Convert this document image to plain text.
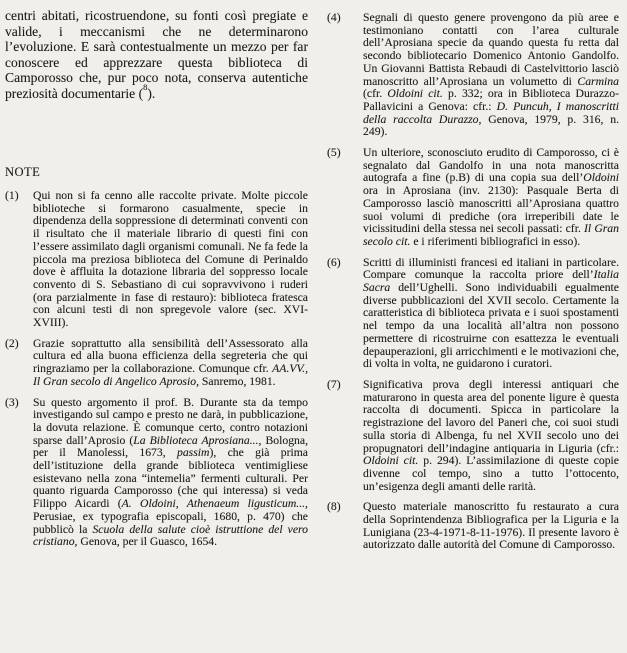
centri abitati, ricostruendone, su fonti così pregiate e valide, i meccanismi che ne determinarono l’evoluzione. E sarà contestualmente un mezzo per far conoscere ed apprezzare questa biblioteca di Camporosso che, pur poco nota, conserva autentiche preziosità documentarie ($^8$).

NOTE
(1)	Qui non si fa cenno alle raccolte private. Molte piccole biblioteche si formarono casualmente, specie in dipendenza della soppressione di determinati conventi con il risultato che il materiale librario di questi fini con l’essere assimilato dagli organismi comunali. Ne fa fede la piccola ma preziosa biblioteca del Comune di Perinaldo dove è affluita la dotazione libraria del soppresso locale convento di S. Sebastiano di cui sopravvivono i ruderi (ora parzialmente in fase di restauro): biblioteca fratesca con alcuni testi di non spregevole valore (sec. XVI-XVIII).
(2)	Grazie soprattutto alla sensibilità dell’Assessorato alla cultura ed alla buona efficienza della segreteria che qui ringraziamo per la collaborazione. Comunque cfr. AA.VV., Il Gran secolo di Angelico Aprosio, Sanremo, 1981.
(3)	Su questo argomento il prof. B. Durante sta da tempo investigando sul campo e presto ne darà, in pubblicazione, la dovuta relazione. È comunque certo, contro notazioni sparse dall’Aprosio (La Biblioteca Aprosiana..., Bologna, per il Manolessi, 1673, passim), che già prima dell’istituzione della grande biblioteca ventimigliese esistevano nella zona “intemelia” fermenti culturali. Per quanto riguarda Camporosso (che qui interessa) si veda Filippo Aicardi (A. Oldoini, Athenaeum ligusticum..., Perusiae, ex typografia episcopali, 1680, p. 470) che pubblicò la Scuola della salute cioè istruttione del vero cristiano, Genova, per il Guasco, 1654.
(4)	Segnali di questo genere provengono da più aree e testimoniano contatti con l’area culturale dell’Aprosiana specie da quando questa fu retta dal secondo bibliotecario Domenico Antonio Gandolfo. Un Giovanni Battista Rebaudi di Castelvittorio lasciò manoscritto all’Aprosiana un volumetto di Carmina (cfr. Oldoini cit. p. 332; ora in Biblioteca Durazzo-Pallavicini a Genova: cfr.: D. Puncuh, I manoscritti della raccolta Durazzo, Genova, 1979, p. 316, n. 249).
(5)	Un ulteriore, sconosciuto erudito di Camporosso, ci è segnalato dal Gandolfo in una nota manoscritta autografa a fine (p.B) di una copia sua dell’Oldoini ora in Aprosiana (inv. 2130): Pasquale Berta di Camporosso lasciò manoscritti all’Aprosiana quattro suoi volumi di prediche (ora irreperibili date le vicissitudini della stessa nei secoli passati: cfr. Il Gran secolo cit. e i riferimenti bibliografici in esso).
(6)	Scritti di illuministi francesi ed italiani in particolare. Compare comunque la raccolta priore dell’Italia Sacra dell’Ughelli. Sono individuabili egualmente diverse pubblicazioni del XVII secolo. Certamente la caratteristica di biblioteca privata e i suoi spostamenti nel tempo da una località all’altra non possono permettere di ricostruirne con esattezza le eventuali depauperazioni, gli arricchimenti e le motivazioni che, di volta in volta, ne guidarono i curatori.
(7)	Significativa prova degli interessi antiquari che maturarono in questa area del ponente ligure è questa raccolta di documenti. Spicca in particolare la registrazione del lavoro del Paneri che, coi suoi studi sulla storia di Albenga, fu nel XVII secolo uno dei propugnatori dell’indagine antiquaria in Liguria (cfr.: Oldoini cit. p. 294). L’assimilazione di queste copie divenne col tempo, sino a tutto l’ottocento, un’esigenza degli amanti delle rarità.
(8)	Questo materiale manoscritto fu restaurato a cura della Soprintendenza Bibliografica per la Liguria e la Lunigiana (23-4-1971-8-11-1976). Il presente lavoro è autorizzato dalle autorità del Comune di Camporosso.
